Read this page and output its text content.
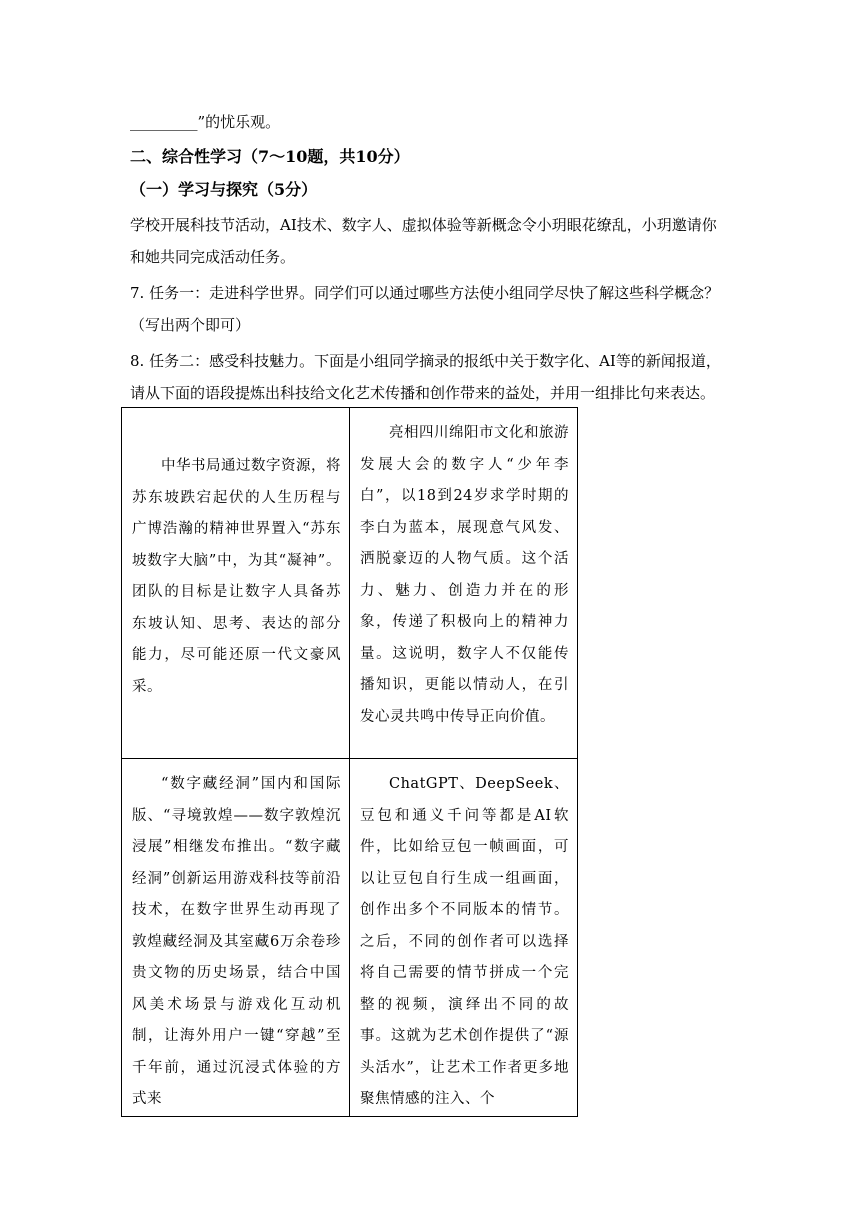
_________”的忧乐观。
二、综合性学习（7～10题，共10分）
（一）学习与探究（5分）
学校开展科技节活动，AI技术、数字人、虚拟体验等新概念令小玥眼花缭乱，小玥邀请你
和她共同完成活动任务。
7. 任务一：走进科学世界。同学们可以通过哪些方法使小组同学尽快了解这些科学概念？
（写出两个即可）
8. 任务二：感受科技魅力。下面是小组同学摘录的报纸中关于数字化、AI等的新闻报道，
请从下面的语段提炼出科技给文化艺术传播和创作带来的益处，并用一组排比句来表达。
中华书局通过数字资源，将苏东坡跌宕起伏的人生历程与广博浩瀚的精神世界置入“苏东坡数字大脑”中，为其“凝神”。团队的目标是让数字人具备苏东坡认知、思考、表达的部分能力，尽可能还原一代文豪风采。	亮相四川绵阳市文化和旅游发展大会的数字人“少年李白”，以18到24岁求学时期的李白为蓝本，展现意气风发、洒脱豪迈的人物气质。这个活力、魅力、创造力并在的形象，传递了积极向上的精神力量。这说明，数字人不仅能传播知识，更能以情动人，在引发心灵共鸣中传导正向价值。

“数字藏经洞”国内和国际版、“寻境敦煌——数字敦煌沉浸展”相继发布推出。“数字藏经洞”创新运用游戏科技等前沿技术，在数字世界生动再现了敦煌藏经洞及其室藏6万余卷珍贵文物的历史场景，结合中国风美术场景与游戏化互动机制，让海外用户一键“穿越”至千年前，通过沉浸式体验的方式来	ChatGPT、DeepSeek、豆包和通义千问等都是AI软件，比如给豆包一帧画面，可以让豆包自行生成一组画面，创作出多个不同版本的情节。之后，不同的创作者可以选择将自己需要的情节拼成一个完整的视频，演绎出不同的故事。这就为艺术创作提供了“源头活水”，让艺术工作者更多地聚焦情感的注入、个
